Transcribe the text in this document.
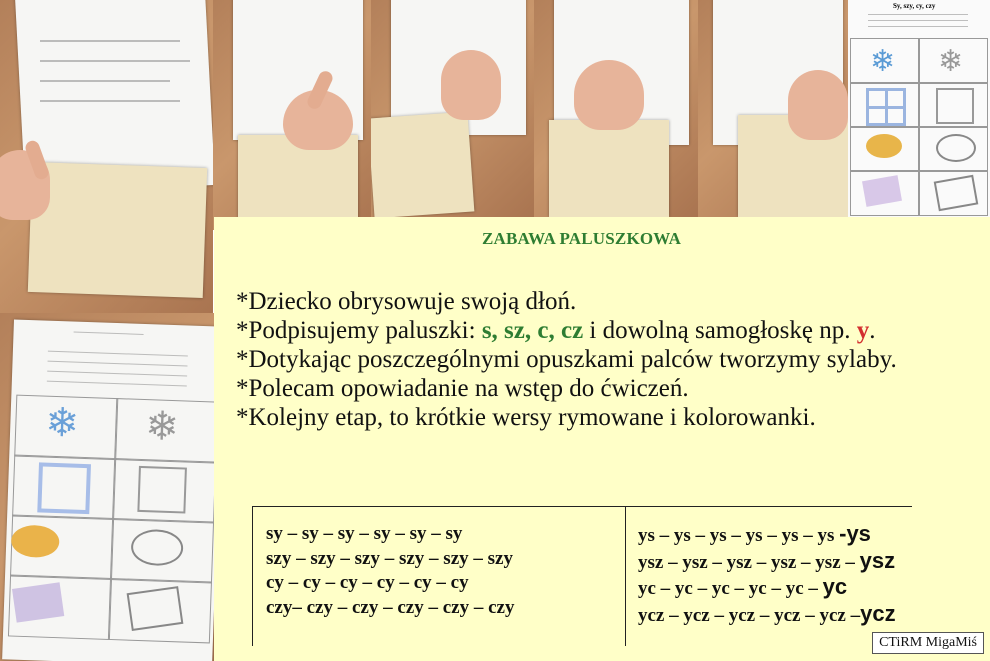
Sy, szy, cy, czy
❄ ❄
❄ ❄
ZABAWA PALUSZKOWA

*Dziecko obrysowuje swoją dłoń.

*Podpisujemy paluszki: s, sz, c, cz i dowolną samogłoskę np. y.

*Dotykając poszczególnymi opuszkami palców tworzymy sylaby.

*Polecam opowiadanie na wstęp do ćwiczeń.

*Kolejny etap, to krótkie wersy rymowane i kolorowanki.

sy – sy – sy – sy – sy – sy
szy – szy – szy – szy – szy – szy
cy – cy – cy – cy – cy – cy
czy– czy – czy – czy – czy – czy
ys – ys – ys – ys – ys – ys -ys
ysz – ysz – ysz – ysz – ysz – ysz
yc – yc – yc – yc – yc – yc
ycz – ycz – ycz – ycz – ycz –ycz
CTiRM MigaMiś
